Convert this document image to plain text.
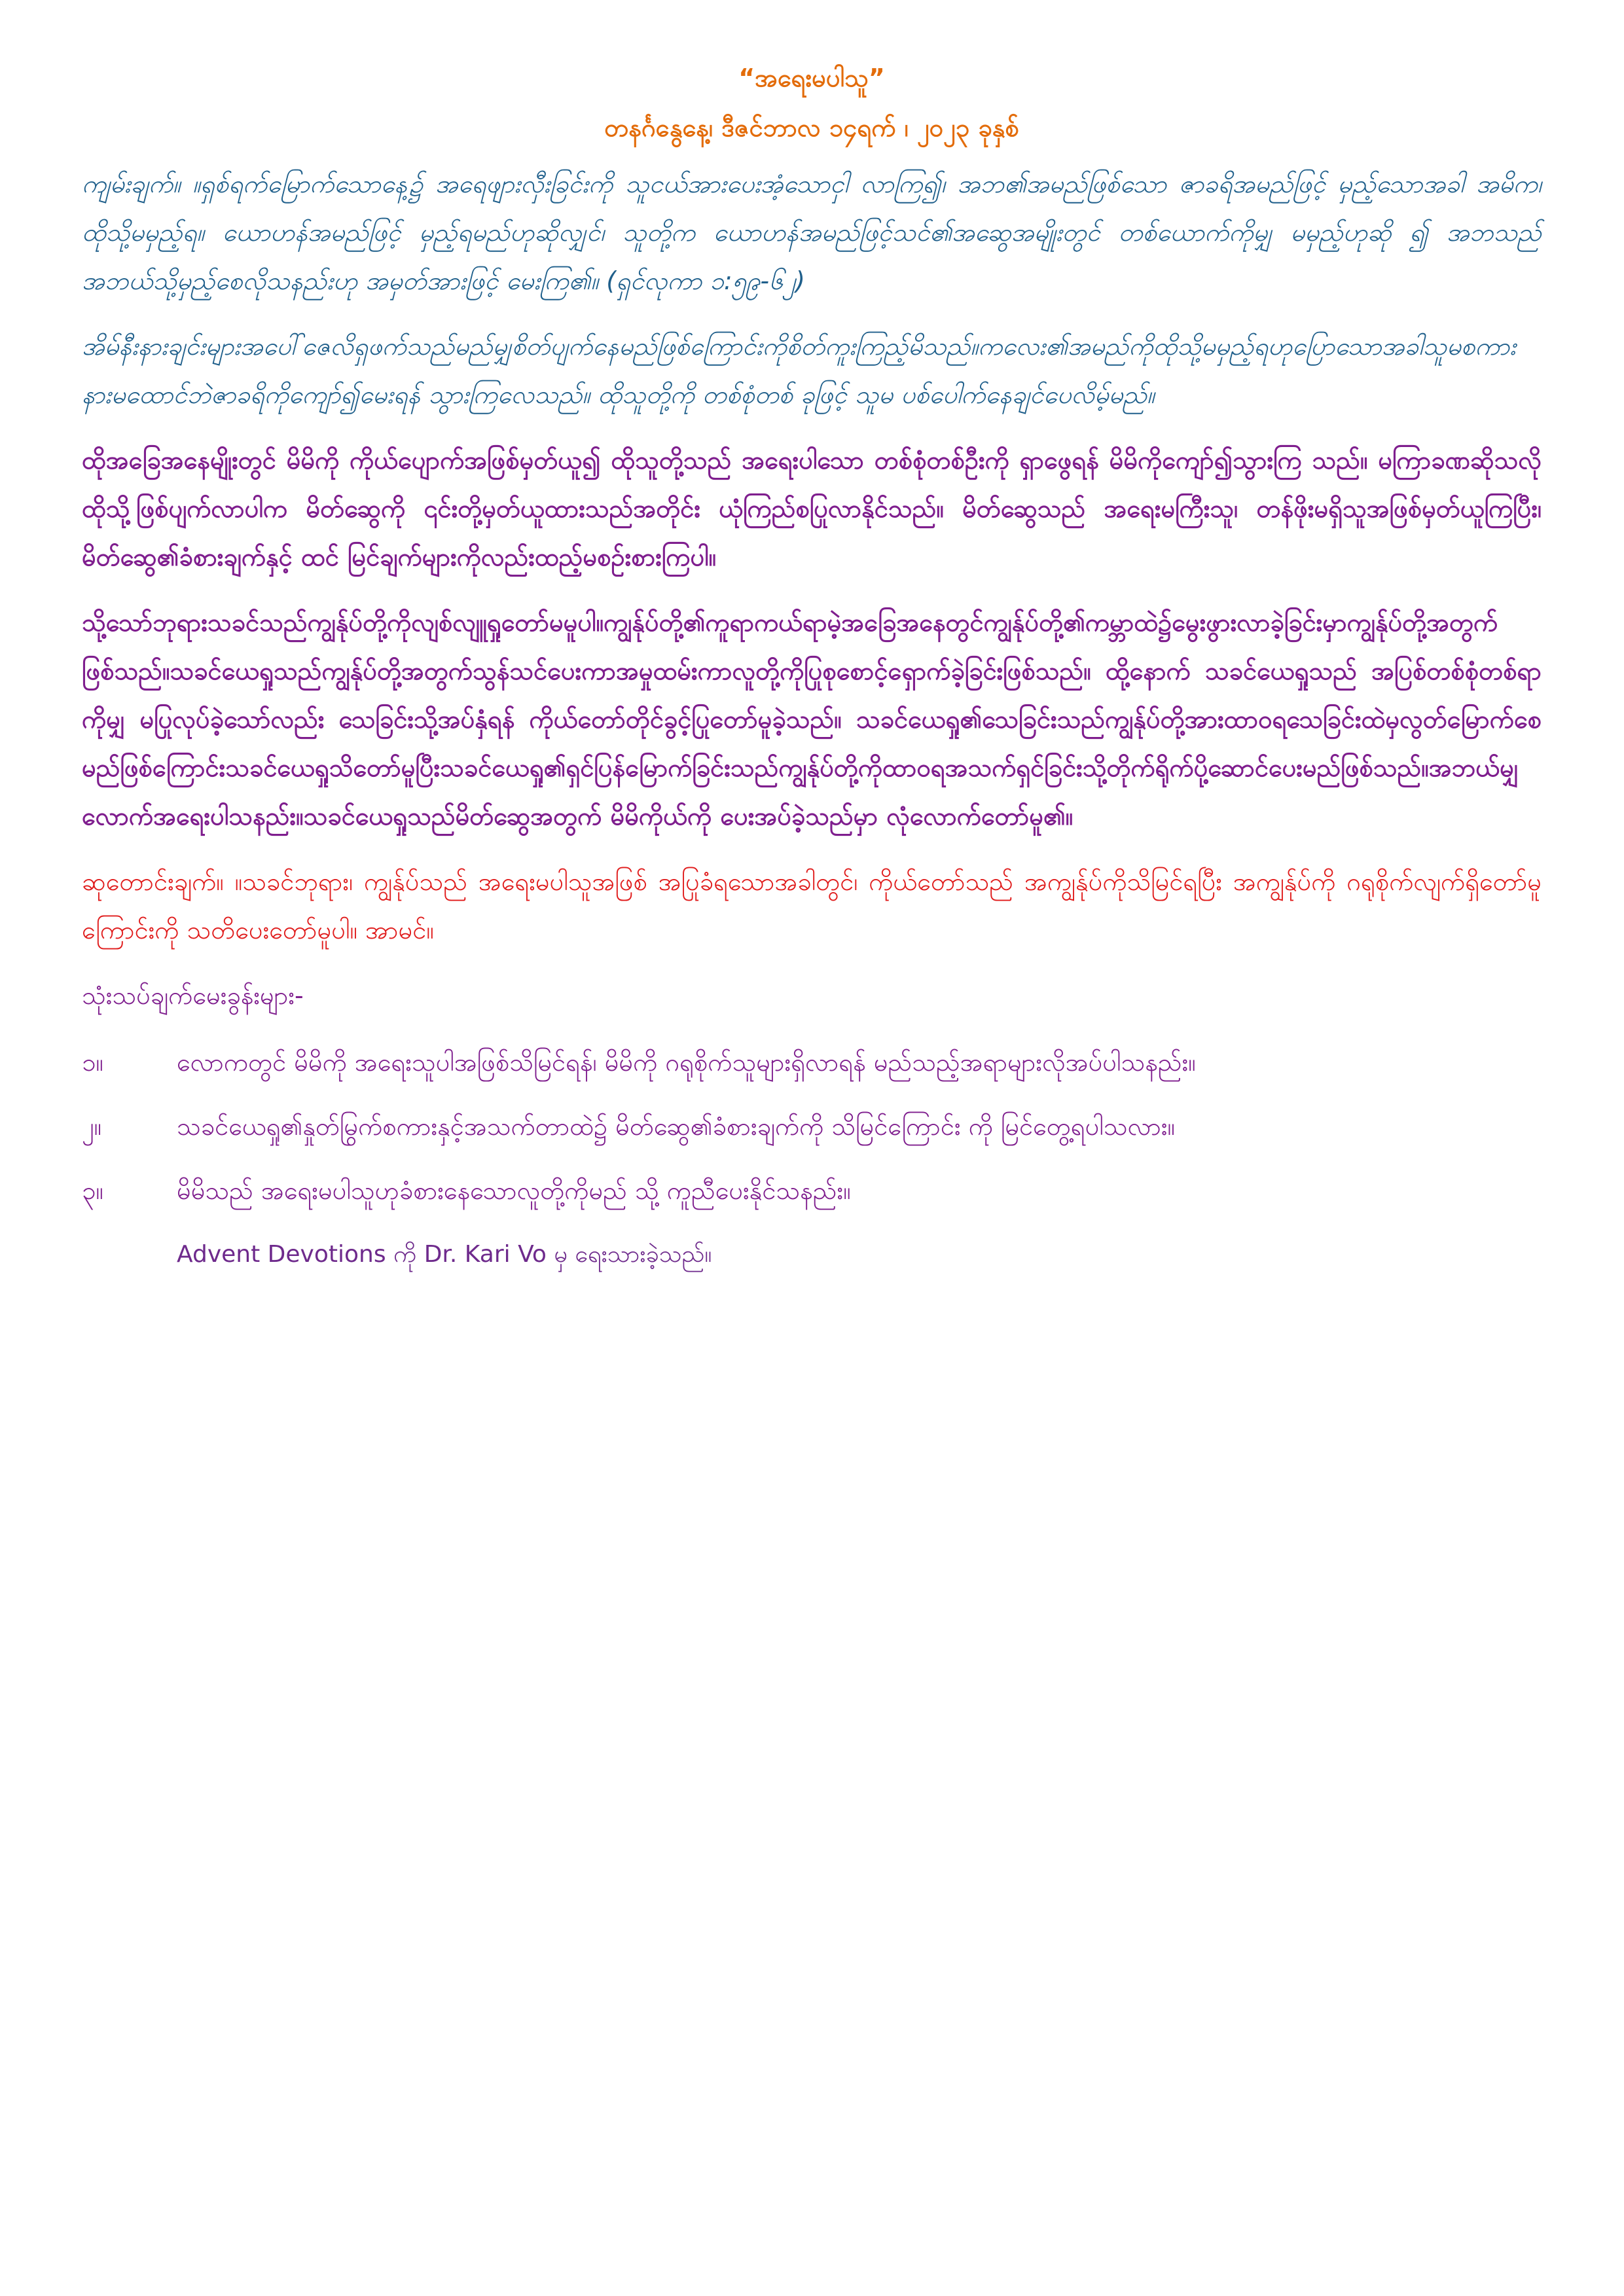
“အရေးမပါသူ”

တနင်္ဂနွေနေ့၊ ဒီဇင်ဘာလ ၁၄ရက် ၊ ၂၀၂၃ ခုနှစ်

ကျမ်းချက်။ ။ရှစ်ရက်မြောက်သောနေ့၌ အရေဖျားလှီးခြင်းကို သူငယ်အားပေးအံ့သောငှါ လာကြ၍၊ အဘ၏အမည်ဖြစ်သော ဇာခရိအမည်ဖြင့် မှည့်သောအခါ အမိက၊ ထိုသို့မမှည့်ရ။ ယောဟန်အမည်ဖြင့် မှည့်ရမည်ဟုဆိုလျှင်၊ သူတို့က ယောဟန်အမည်ဖြင့်သင်၏အဆွေအမျိုးတွင် တစ်ယောက်ကိုမျှ မမှည့်ဟုဆို ၍ အဘသည် အဘယ်သို့မှည့်စေလိုသနည်းဟု အမှတ်အားဖြင့် မေးကြ၏။ (ရှင်လုကာ ၁:၅၉-၆၂)

အိမ်နီးနားချင်းများအပေါ်ဇေလိရှဖက်သည်မည်မျှစိတ်ပျက်နေမည်ဖြစ်ကြောင်းကိုစိတ်ကူးကြည့်မိသည်။ကလေး၏အမည်ကိုထိုသို့မမှည့်ရဟုပြောသောအခါသူမစကားနားမထောင်ဘဲဇာခရိကိုကျော်၍မေးရန် သွားကြလေသည်။ ထိုသူတို့ကို တစ်စုံတစ် ခုဖြင့် သူမ ပစ်ပေါက်နေချင်ပေလိမ့်မည်။

ထိုအခြေအနေမျိုးတွင် မိမိကို ကိုယ်ပျောက်အဖြစ်မှတ်ယူ၍ ထိုသူတို့သည် အရေးပါသော တစ်စုံတစ်ဦးကို ရှာဖွေရန် မိမိကိုကျော်၍သွားကြ သည်။ မကြာခဏဆိုသလို ထိုသို့ဖြစ်ပျက်လာပါက မိတ်ဆွေကို ၎င်းတို့မှတ်ယူထားသည်အတိုင်း ယုံကြည်စပြုလာနိုင်သည်။ မိတ်ဆွေသည် အရေးမကြီးသူ၊ တန်ဖိုးမရှိသူအဖြစ်မှတ်ယူကြပြီး၊ မိတ်ဆွေ၏ခံစားချက်နှင့် ထင် မြင်ချက်များကိုလည်းထည့်မစဉ်းစားကြပါ။

သို့သော်ဘုရားသခင်သည်ကျွန်ုပ်တို့ကိုလျစ်လျူရှုတော်မမူပါ။ကျွန်ုပ်တို့၏ကူရာကယ်ရာမဲ့အခြေအနေတွင်ကျွန်ုပ်တို့၏ကမ္ဘာထဲ၌မွေးဖွားလာခဲ့ခြင်းမှာကျွန်ုပ်တို့အတွက်ဖြစ်သည်။သခင်ယေရှုသည်ကျွန်ုပ်တို့အတွက်သွန်သင်ပေးကာအမှုထမ်းကာလူတို့ကိုပြုစုစောင့်ရှောက်ခဲ့ခြင်းဖြစ်သည်။ ထို့နောက် သခင်ယေရှုသည် အပြစ်တစ်စုံတစ်ရာကိုမျှ မပြုလုပ်ခဲ့သော်လည်း သေခြင်းသို့အပ်နှံရန် ကိုယ်တော်တိုင်ခွင့်ပြုတော်မူခဲ့သည်။ သခင်ယေရှု၏သေခြင်းသည်ကျွန်ုပ်တို့အားထာဝရသေခြင်းထဲမှလွတ်မြောက်စေမည်ဖြစ်ကြောင်းသခင်ယေရှုသိတော်မူပြီးသခင်ယေရှု၏ရှင်ပြန်မြောက်ခြင်းသည်ကျွန်ုပ်တို့ကိုထာဝရအသက်ရှင်ခြင်းသို့တိုက်ရိုက်ပို့ဆောင်ပေးမည်ဖြစ်သည်။အဘယ်မျှလောက်အရေးပါသနည်း။သခင်ယေရှုသည်မိတ်ဆွေအတွက် မိမိကိုယ်ကို ပေးအပ်ခဲ့သည်မှာ လုံလောက်တော်မူ၏။

ဆုတောင်းချက်။ ။သခင်ဘုရား၊ ကျွန်ုပ်သည် အရေးမပါသူအဖြစ် အပြုခံရသောအခါတွင်၊ ကိုယ်တော်သည် အကျွန်ုပ်ကိုသိမြင်ရပြီး အကျွန်ုပ်ကို ဂရုစိုက်လျက်ရှိတော်မူကြောင်းကို သတိပေးတော်မူပါ။ အာမင်။

သုံးသပ်ချက်မေးခွန်းများ-

၁။	လောကတွင် မိမိကို အရေးသူပါအဖြစ်သိမြင်ရန်၊ မိမိကို ဂရုစိုက်သူများရှိလာရန် မည်သည့်အရာများလိုအပ်ပါသနည်း။
၂။	သခင်ယေရှု၏နှုတ်မြွက်စကားနှင့်အသက်တာထဲ၌ မိတ်ဆွေ၏ခံစားချက်ကို သိမြင်ကြောင်း ကို မြင်တွေ့ရပါသလား။
၃။	မိမိသည် အရေးမပါသူဟုခံစားနေသောလူတို့ကိုမည် သို့ ကူညီပေးနိုင်သနည်း။

Advent Devotions ကို Dr. Kari Vo မှ ရေးသားခဲ့သည်။
